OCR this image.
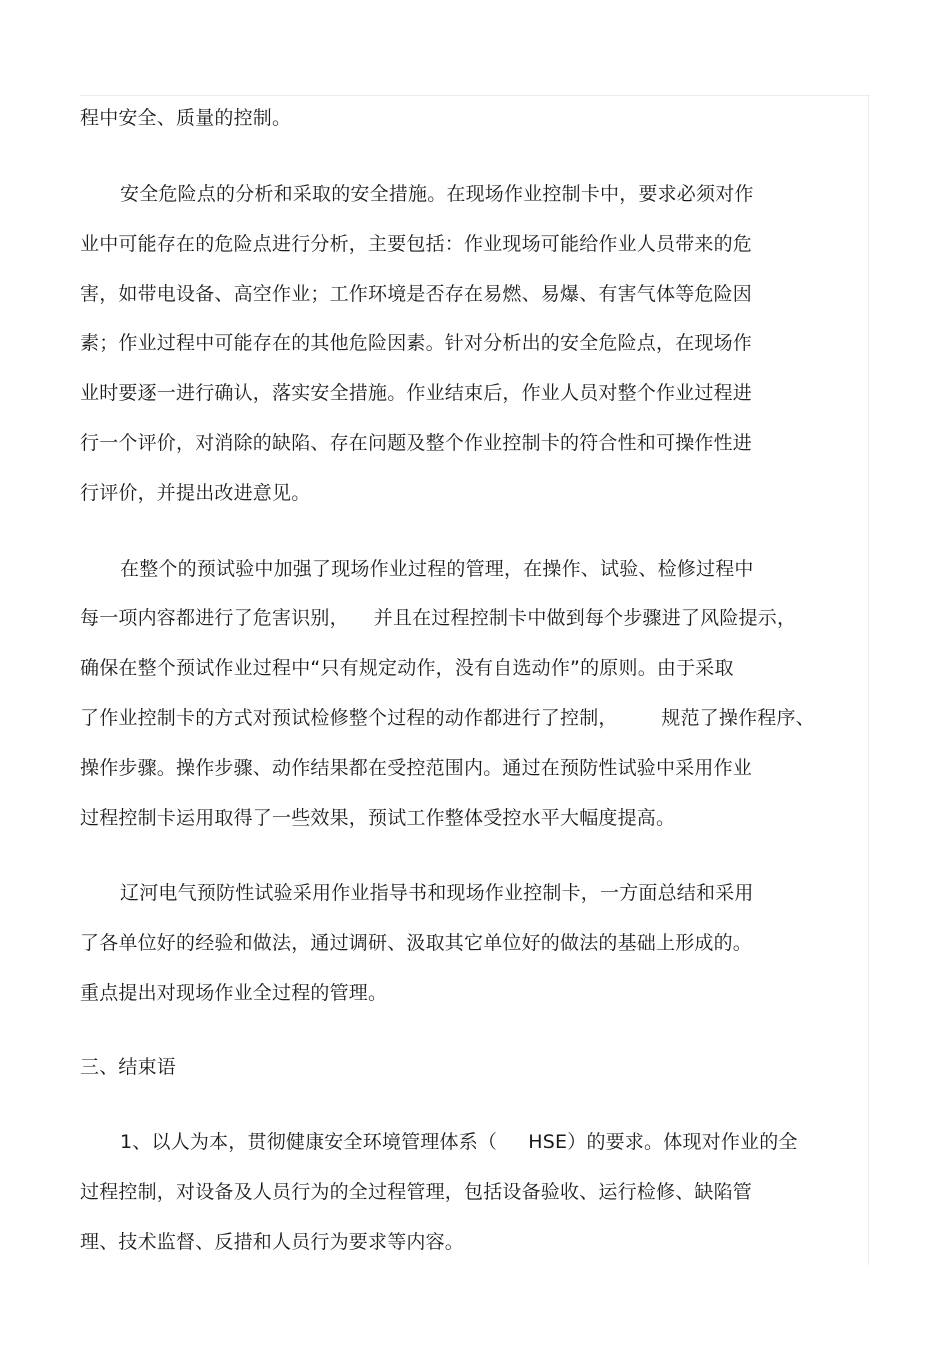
程中安全、质量的控制。
安全危险点的分析和采取的安全措施。在现场作业控制卡中，要求必须对作
业中可能存在的危险点进行分析，主要包括：作业现场可能给作业人员带来的危
害，如带电设备、高空作业；工作环境是否存在易燃、易爆、有害气体等危险因
素；作业过程中可能存在的其他危险因素。针对分析出的安全危险点，在现场作
业时要逐一进行确认，落实安全措施。作业结束后，作业人员对整个作业过程进
行一个评价，对消除的缺陷、存在问题及整个作业控制卡的符合性和可操作性进
行评价，并提出改进意见。
在整个的预试验中加强了现场作业过程的管理，在操作、试验、检修过程中
每一项内容都进行了危害识别，    并且在过程控制卡中做到每个步骤进了风险提示，
确保在整个预试作业过程中“只有规定动作，没有自选动作”的原则。由于采取
了作业控制卡的方式对预试检修整个过程的动作都进行了控制，       规范了操作程序、
操作步骤。操作步骤、动作结果都在受控范围内。通过在预防性试验中采用作业
过程控制卡运用取得了一些效果，预试工作整体受控水平大幅度提高。
辽河电气预防性试验采用作业指导书和现场作业控制卡，一方面总结和采用
了各单位好的经验和做法，通过调研、汲取其它单位好的做法的基础上形成的。
重点提出对现场作业全过程的管理。
三、结束语
1、以人为本，贯彻健康安全环境管理体系（     HSE）的要求。体现对作业的全
过程控制，对设备及人员行为的全过程管理，包括设备验收、运行检修、缺陷管
理、技术监督、反措和人员行为要求等内容。
